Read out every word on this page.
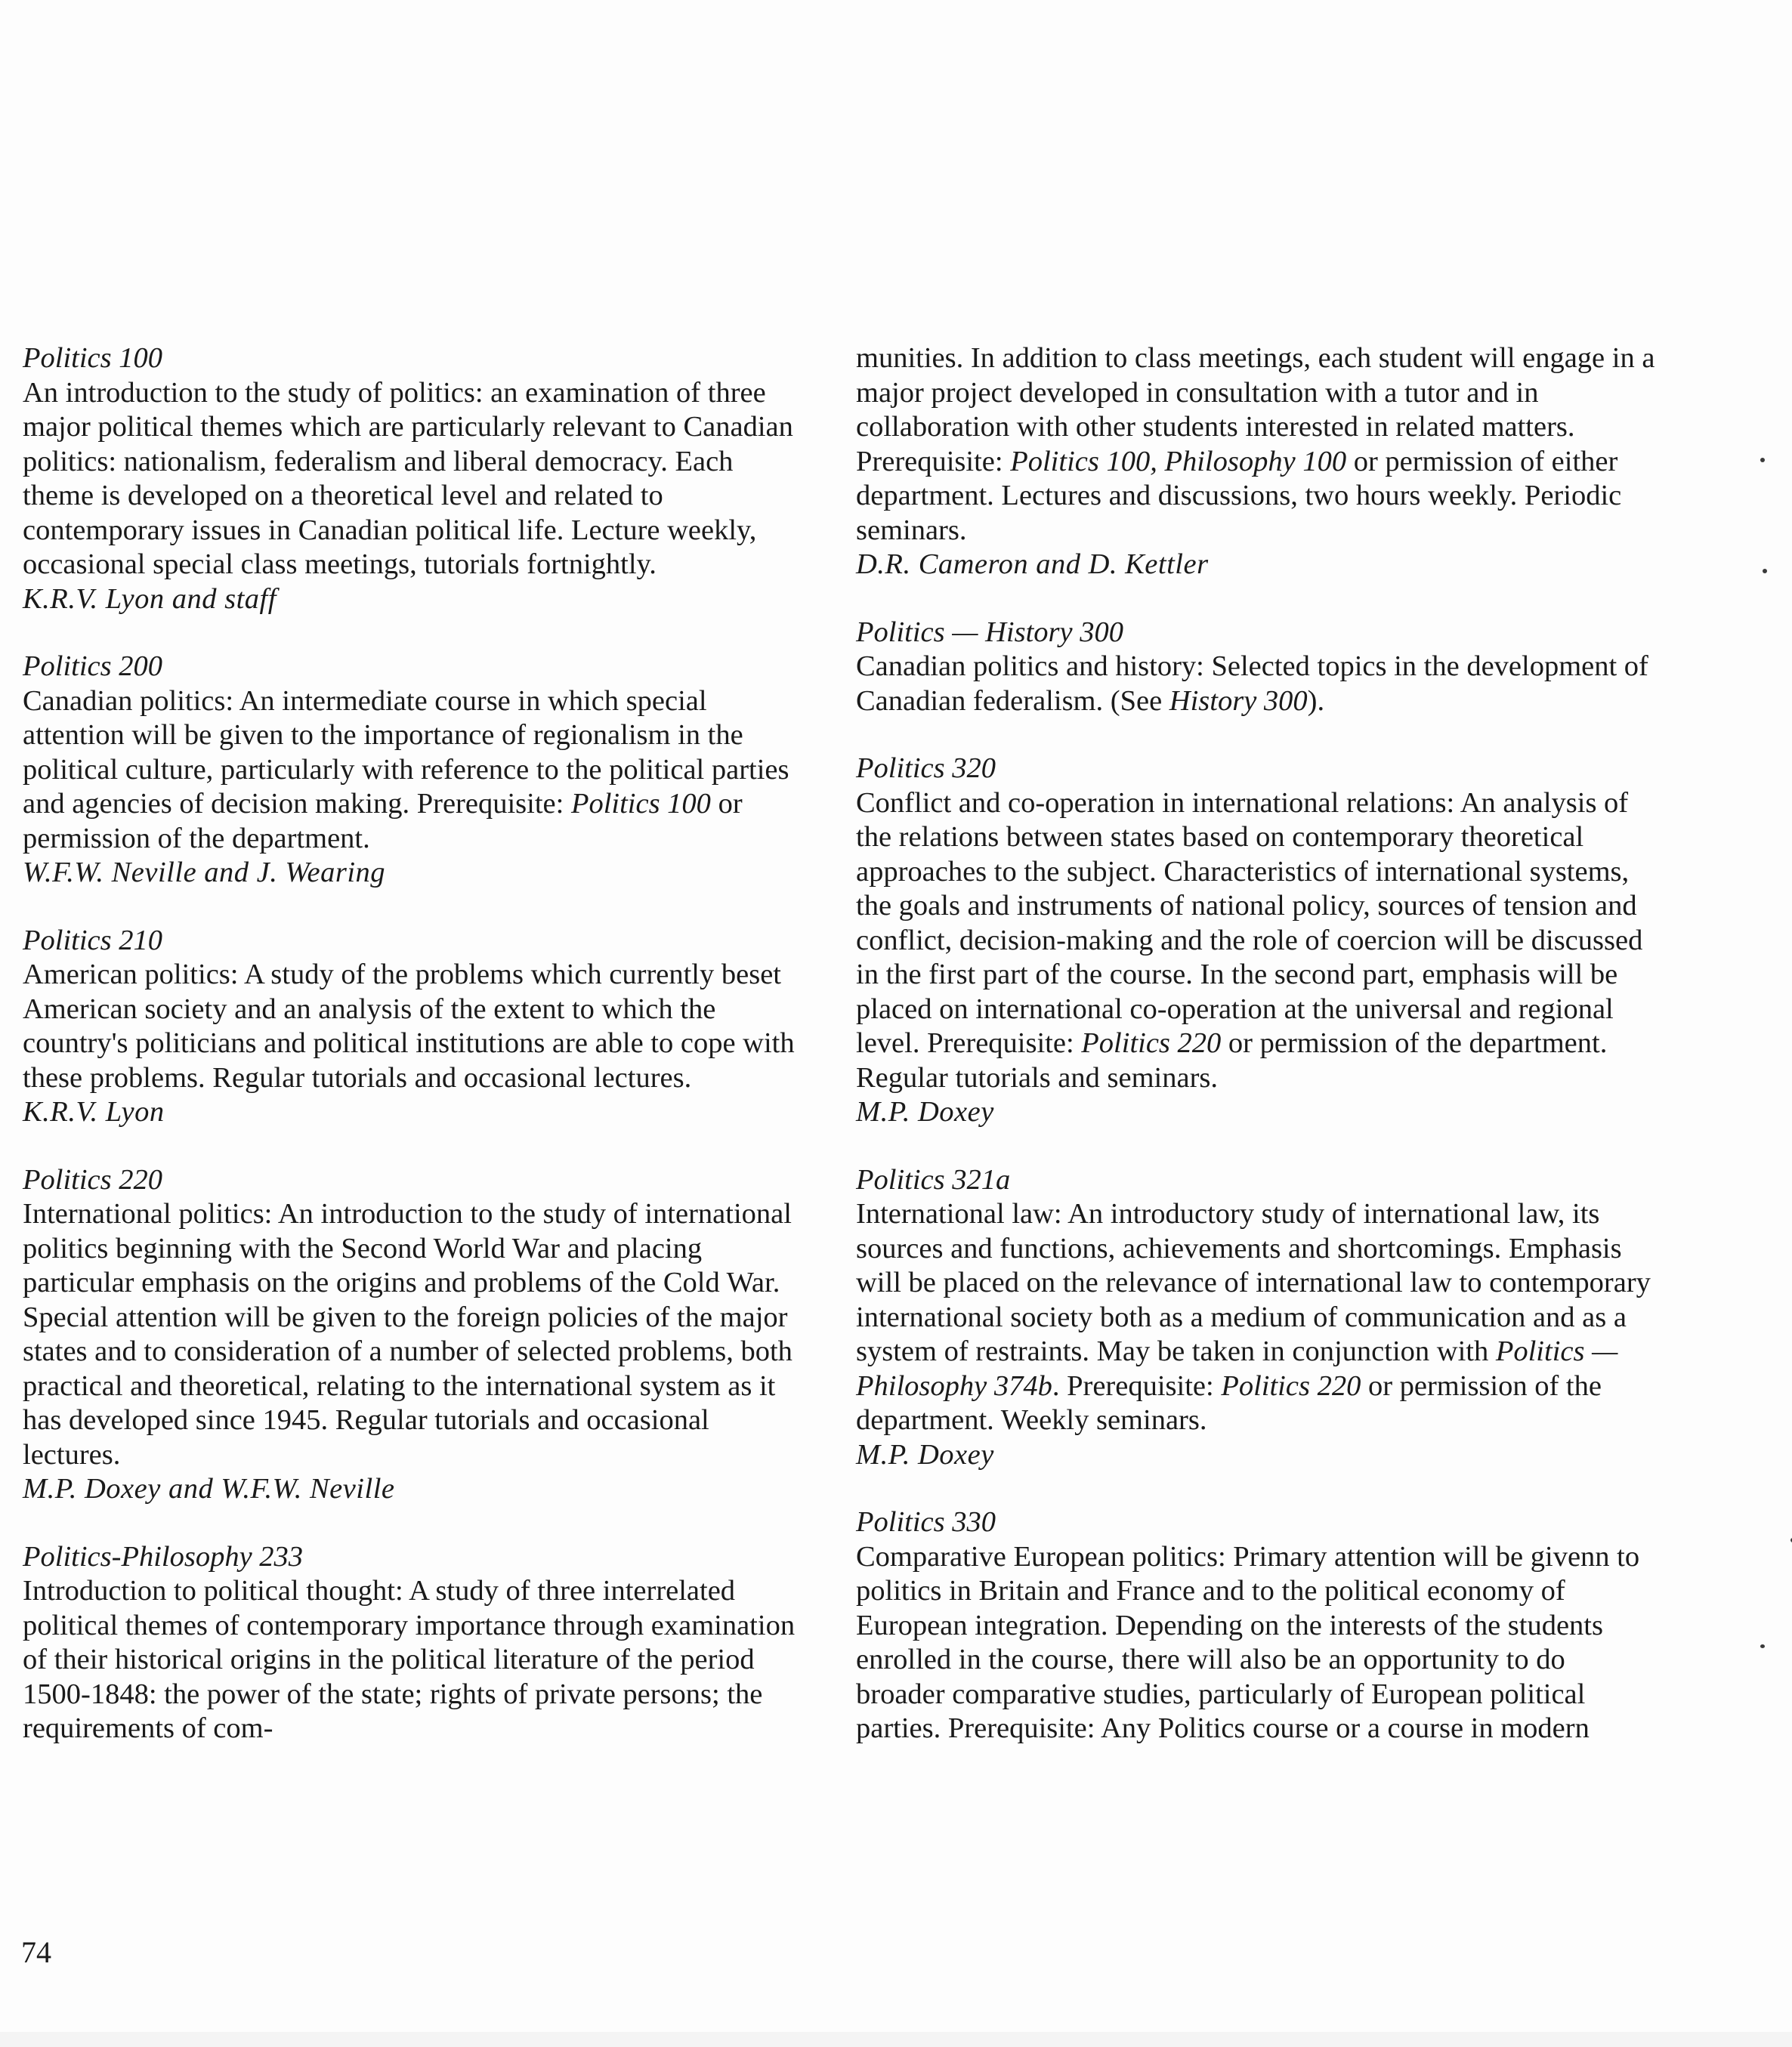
Politics 100
An introduction to the study of politics: an examination of three major political themes which are particularly relevant to Canadian politics: nationalism, federalism and liberal democracy. Each theme is developed on a theoretical level and related to contemporary issues in Canadian political life. Lecture weekly, occasional special class meetings, tutorials fortnightly.
K.R.V. Lyon and staff
Politics 200
Canadian politics: An intermediate course in which special attention will be given to the importance of regionalism in the political culture, particularly with reference to the political parties and agencies of decision making. Prerequisite: Politics 100 or permission of the department.
W.F.W. Neville and J. Wearing
Politics 210
American politics: A study of the problems which currently beset American society and an analysis of the extent to which the country's politicians and political institutions are able to cope with these problems. Regular tutorials and occasional lectures.
K.R.V. Lyon
Politics 220
International politics: An introduction to the study of international politics beginning with the Second World War and placing particular emphasis on the origins and problems of the Cold War. Special attention will be given to the foreign policies of the major states and to consideration of a number of selected problems, both practical and theoretical, relating to the international system as it has developed since 1945. Regular tutorials and occasional lectures.
M.P. Doxey and W.F.W. Neville
Politics-Philosophy 233
Introduction to political thought: A study of three interrelated political themes of contemporary importance through examination of their historical origins in the political literature of the period 1500-1848: the power of the state; rights of private persons; the requirements of com-
munities. In addition to class meetings, each student will engage in a major project developed in consultation with a tutor and in collaboration with other students interested in related matters. Prerequisite: Politics 100, Philosophy 100 or permission of either department. Lectures and discussions, two hours weekly. Periodic seminars.
D.R. Cameron and D. Kettler
Politics — History 300
Canadian politics and history: Selected topics in the development of Canadian federalism. (See History 300).
Politics 320
Conflict and co-operation in international relations: An analysis of the relations between states based on contemporary theoretical approaches to the subject. Characteristics of international systems, the goals and instruments of national policy, sources of tension and conflict, decision-making and the role of coercion will be discussed in the first part of the course. In the second part, emphasis will be placed on international co-operation at the universal and regional level. Prerequisite: Politics 220 or permission of the department. Regular tutorials and seminars.
M.P. Doxey
Politics 321a
International law: An introductory study of international law, its sources and functions, achievements and shortcomings. Emphasis will be placed on the relevance of international law to contemporary international society both as a medium of communication and as a system of restraints. May be taken in conjunction with Politics — Philosophy 374b. Prerequisite: Politics 220 or permission of the department. Weekly seminars.
M.P. Doxey
Politics 330
Comparative European politics: Primary attention will be givenn to politics in Britain and France and to the political economy of European integration. Depending on the interests of the students enrolled in the course, there will also be an opportunity to do broader comparative studies, particularly of European political parties. Prerequisite: Any Politics course or a course in modern
74
